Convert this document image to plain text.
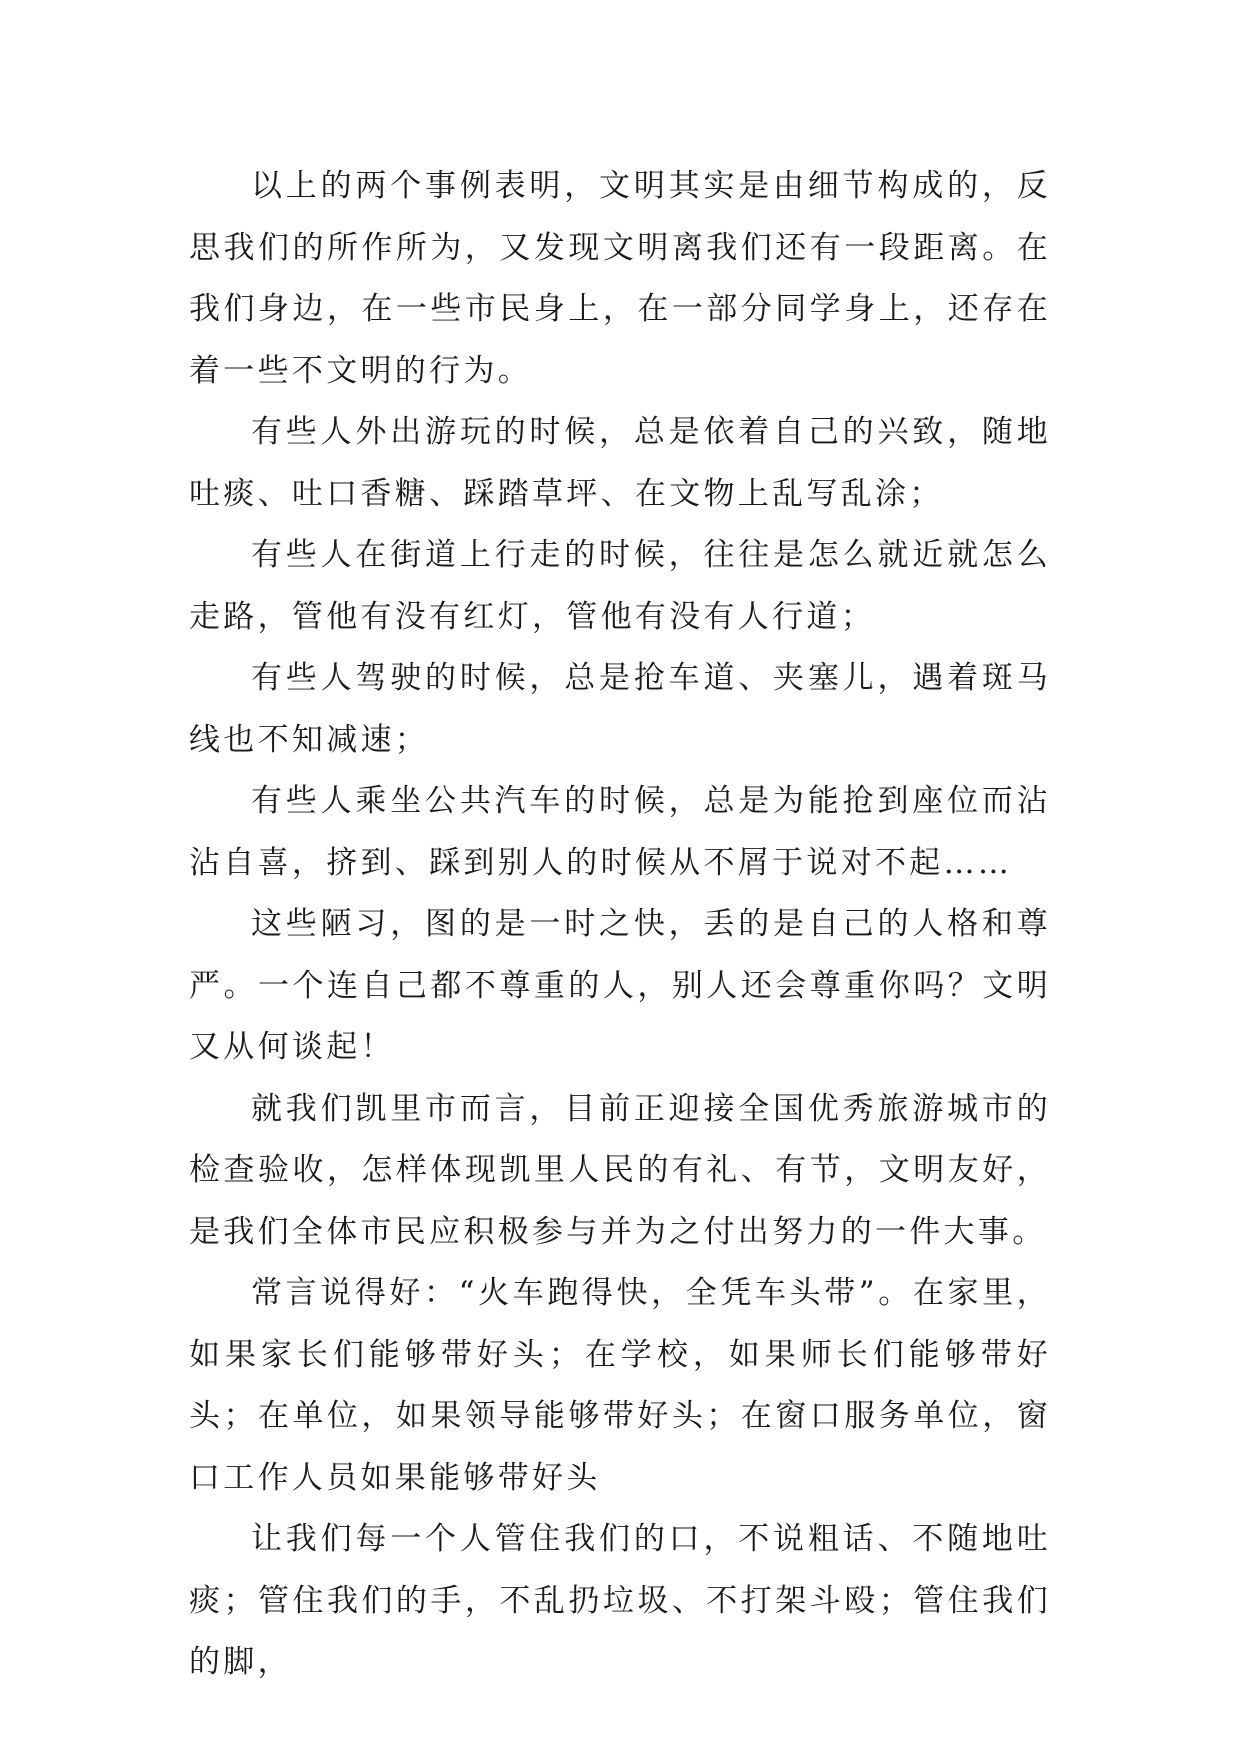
以上的两个事例表明，文明其实是由细节构成的，反思我们的所作所为，又发现文明离我们还有一段距离。在我们身边，在一些市民身上，在一部分同学身上，还存在着一些不文明的行为。

有些人外出游玩的时候，总是依着自己的兴致，随地吐痰、吐口香糖、踩踏草坪、在文物上乱写乱涂；

有些人在街道上行走的时候，往往是怎么就近就怎么走路，管他有没有红灯，管他有没有人行道；

有些人驾驶的时候，总是抢车道、夹塞儿，遇着斑马线也不知减速；

有些人乘坐公共汽车的时候，总是为能抢到座位而沾沾自喜，挤到、踩到别人的时候从不屑于说对不起……

这些陋习，图的是一时之快，丢的是自己的人格和尊严。一个连自己都不尊重的人，别人还会尊重你吗？文明又从何谈起！

就我们凯里市而言，目前正迎接全国优秀旅游城市的检查验收，怎样体现凯里人民的有礼、有节，文明友好，是我们全体市民应积极参与并为之付出努力的一件大事。

常言说得好：“火车跑得快，全凭车头带”。在家里，如果家长们能够带好头；在学校，如果师长们能够带好头；在单位，如果领导能够带好头；在窗口服务单位，窗口工作人员如果能够带好头

让我们每一个人管住我们的口，不说粗话、不随地吐痰；管住我们的手，不乱扔垃圾、不打架斗殴；管住我们的脚，
